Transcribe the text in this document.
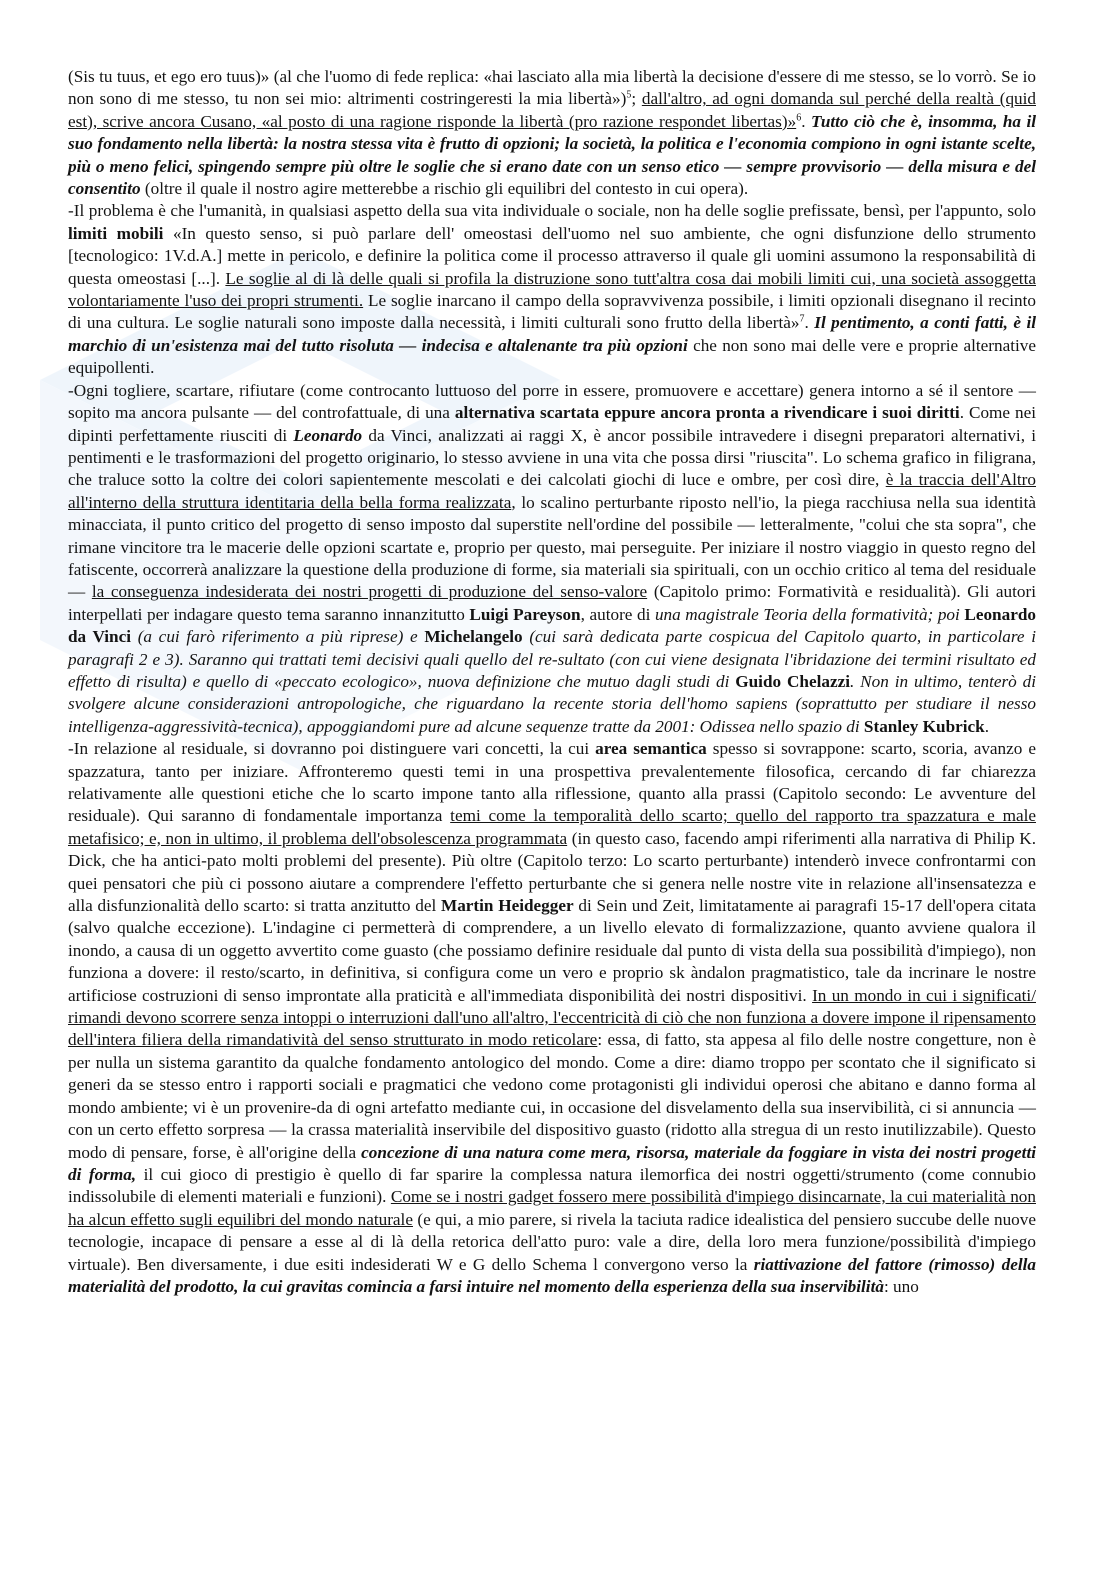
(Sis tu tuus, et ego ero tuus)» (al che l'uomo di fede replica: «hai lasciato alla mia libertà la decisione d'essere di me stesso, se lo vorrò. Se io non sono di me stesso, tu non sei mio: altrimenti costringeresti la mia libertà»)$^5$; dall'altro, ad ogni domanda sul perché della realtà (quid est), scrive ancora Cusano, «al posto di una ragione risponde la libertà (pro razione respondet libertas)»$^6$. Tutto ciò che è, insomma, ha il suo fondamento nella libertà: la nostra stessa vita è frutto di opzioni; la società, la politica e l'economia compiono in ogni istante scelte, più o meno felici, spingendo sempre più oltre le soglie che si erano date con un senso etico — sempre provvisorio — della misura e del consentito (oltre il quale il nostro agire metterebbe a rischio gli equilibri del contesto in cui opera).

-Il problema è che l'umanità, in qualsiasi aspetto della sua vita individuale o sociale, non ha delle soglie prefissate, bensì, per l'appunto, solo limiti mobili «In questo senso, si può parlare dell' omeostasi dell'uomo nel suo ambiente, che ogni disfunzione dello strumento [tecnologico: 1V.d.A.] mette in pericolo, e definire la politica come il processo attraverso il quale gli uomini assumono la responsabilità di questa omeostasi [...]. Le soglie al di là delle quali si profila la distruzione sono tutt'altra cosa dai mobili limiti cui, una società assoggetta volontariamente l'uso dei propri strumenti. Le soglie inarcano il campo della sopravvivenza possibile, i limiti opzionali disegnano il recinto di una cultura. Le soglie naturali sono imposte dalla necessità, i limiti culturali sono frutto della libertà»$^7$. Il pentimento, a conti fatti, è il marchio di un'esistenza mai del tutto risoluta — indecisa e altalenante tra più opzioni che non sono mai delle vere e proprie alternative equipollenti.

-Ogni togliere, scartare, rifiutare (come controcanto luttuoso del porre in essere, promuovere e accettare) genera intorno a sé il sentore — sopito ma ancora pulsante — del controfattuale, di una alternativa scartata eppure ancora pronta a rivendicare i suoi diritti. Come nei dipinti perfettamente riusciti di Leonardo da Vinci, analizzati ai raggi X, è ancor possibile intravedere i disegni preparatori alternativi, i pentimenti e le trasformazioni del progetto originario, lo stesso avviene in una vita che possa dirsi "riuscita". Lo schema grafico in filigrana, che traluce sotto la coltre dei colori sapientemente mescolati e dei calcolati giochi di luce e ombre, per così dire, è la traccia dell'Altro all'interno della struttura identitaria della bella forma realizzata, lo scalino perturbante riposto nell'io, la piega racchiusa nella sua identità minacciata, il punto critico del progetto di senso imposto dal superstite nell'ordine del possibile — letteralmente, "colui che sta sopra", che rimane vincitore tra le macerie delle opzioni scartate e, proprio per questo, mai perseguite. Per iniziare il nostro viaggio in questo regno del fatiscente, occorrerà analizzare la questione della produzione di forme, sia materiali sia spirituali, con un occhio critico al tema del residuale — la conseguenza indesiderata dei nostri progetti di produzione del senso-valore (Capitolo primo: Formatività e residualità). Gli autori interpellati per indagare questo tema saranno innanzitutto Luigi Pareyson, autore di una magistrale Teoria della formatività; poi Leonardo da Vinci (a cui farò riferimento a più riprese) e Michelangelo (cui sarà dedicata parte cospicua del Capitolo quarto, in particolare i paragrafi 2 e 3). Saranno qui trattati temi decisivi quali quello del re-sultato (con cui viene designata l'ibridazione dei termini risultato ed effetto di risulta) e quello di «peccato ecologico», nuova definizione che mutuo dagli studi di Guido Chelazzi. Non in ultimo, tenterò di svolgere alcune considerazioni antropologiche, che riguardano la recente storia dell'homo sapiens (soprattutto per studiare il nesso intelligenza-aggressività-tecnica), appoggiandomi pure ad alcune sequenze tratte da 2001: Odissea nello spazio di Stanley Kubrick.

-In relazione al residuale, si dovranno poi distinguere vari concetti, la cui area semantica spesso si sovrappone: scarto, scoria, avanzo e spazzatura, tanto per iniziare. Affronteremo questi temi in una prospettiva prevalentemente filosofica, cercando di far chiarezza relativamente alle questioni etiche che lo scarto impone tanto alla riflessione, quanto alla prassi (Capitolo secondo: Le avventure del residuale). Qui saranno di fondamentale importanza temi come la temporalità dello scarto; quello del rapporto tra spazzatura e male metafisico; e, non in ultimo, il problema dell'obsolescenza programmata (in questo caso, facendo ampi riferimenti alla narrativa di Philip K. Dick, che ha antici-pato molti problemi del presente). Più oltre (Capitolo terzo: Lo scarto perturbante) intenderò invece confrontarmi con quei pensatori che più ci possono aiutare a comprendere l'effetto perturbante che si genera nelle nostre vite in relazione all'insensatezza e alla disfunzionalità dello scarto: si tratta anzitutto del Martin Heidegger di Sein und Zeit, limitatamente ai paragrafi 15-17 dell'opera citata (salvo qualche eccezione). L'indagine ci permetterà di comprendere, a un livello elevato di formalizzazione, quanto avviene qualora il inondo, a causa di un oggetto avvertito come guasto (che possiamo definire residuale dal punto di vista della sua possibilità d'impiego), non funziona a dovere: il resto/scarto, in definitiva, si configura come un vero e proprio sk àndalon pragmatistico, tale da incrinare le nostre artificiose costruzioni di senso improntate alla praticità e all'immediata disponibilità dei nostri dispositivi. In un mondo in cui i significati/ rimandi devono scorrere senza intoppi o interruzioni dall'uno all'altro, l'eccentricità di ciò che non funziona a dovere impone il ripensamento dell'intera filiera della rimandatività del senso strutturato in modo reticolare: essa, di fatto, sta appesa al filo delle nostre congetture, non è per nulla un sistema garantito da qualche fondamento antologico del mondo. Come a dire: diamo troppo per scontato che il significato si generi da se stesso entro i rapporti sociali e pragmatici che vedono come protagonisti gli individui operosi che abitano e danno forma al mondo ambiente; vi è un provenire-da di ogni artefatto mediante cui, in occasione del disvelamento della sua inservibilità, ci si annuncia — con un certo effetto sorpresa — la crassa materialità inservibile del dispositivo guasto (ridotto alla stregua di un resto inutilizzabile). Questo modo di pensare, forse, è all'origine della concezione di una natura come mera, risorsa, materiale da foggiare in vista dei nostri progetti di forma, il cui gioco di prestigio è quello di far sparire la complessa natura ilemorfica dei nostri oggetti/strumento (come connubio indissolubile di elementi materiali e funzioni). Come se i nostri gadget fossero mere possibilità d'impiego disincarnate, la cui materialità non ha alcun effetto sugli equilibri del mondo naturale (e qui, a mio parere, si rivela la taciuta radice idealistica del pensiero succube delle nuove tecnologie, incapace di pensare a esse al di là della retorica dell'atto puro: vale a dire, della loro mera funzione/possibilità d'impiego virtuale). Ben diversamente, i due esiti indesiderati W e G dello Schema l convergono verso la riattivazione del fattore (rimosso) della materialità del prodotto, la cui gravitas comincia a farsi intuire nel momento della esperienza della sua inservibilità: uno
